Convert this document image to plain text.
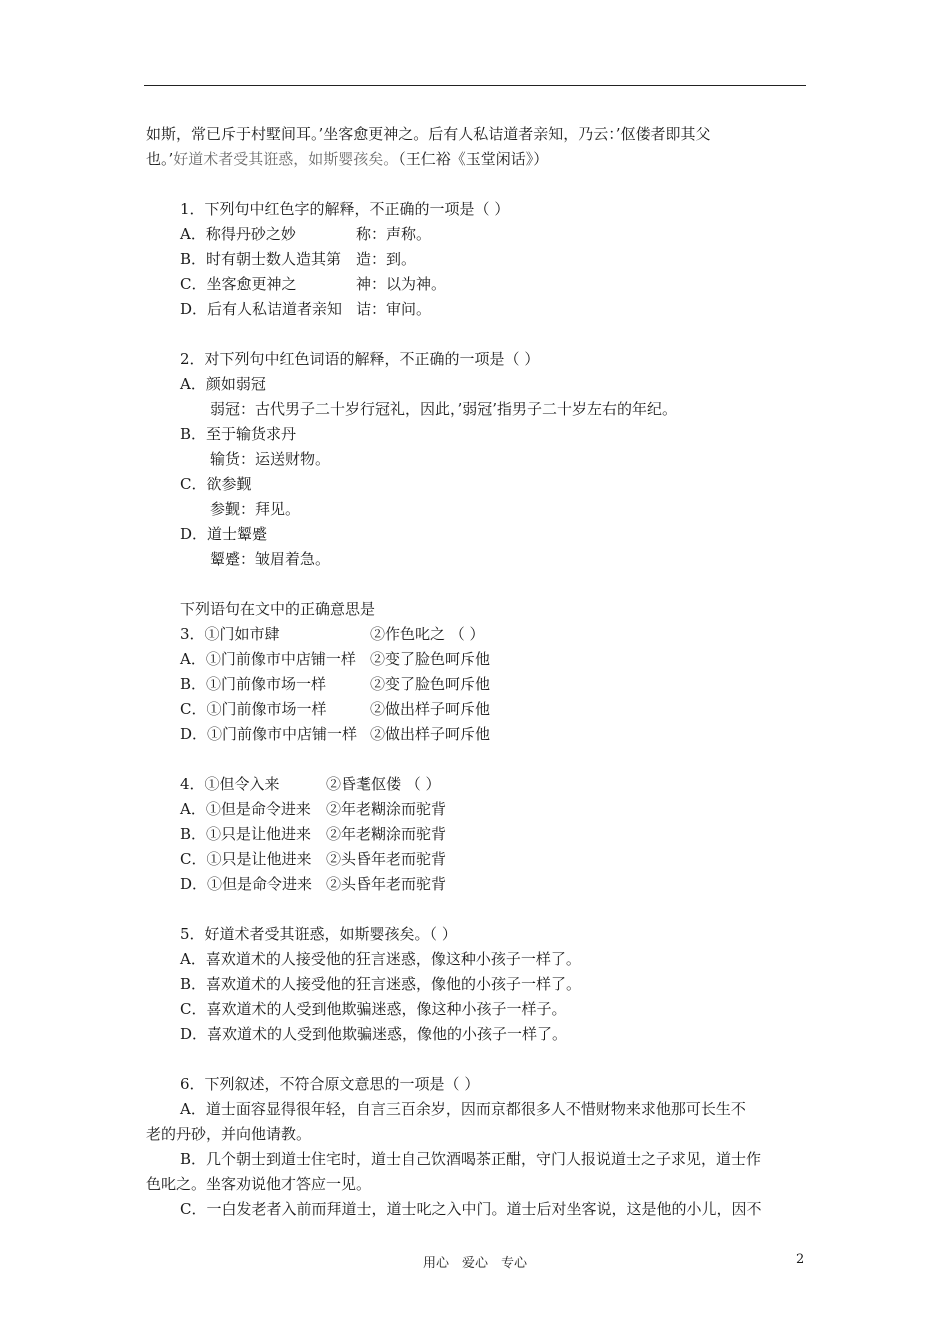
如斯，常已斥于村墅间耳。’坐客愈更神之。后有人私诘道者亲知，乃云：’伛偻者即其父
也。’好道术者受其诳惑，如斯婴孩矣。（王仁裕《玉堂闲话》）
1．下列句中红色字的解释，不正确的一项是（ ）
A．称得丹砂之妙	称：声称。
B．时有朝士数人造其第 造：到。
C．坐客愈更神之	神：以为神。
D．后有人私诘道者亲知 诘：审问。
2．对下列句中红色词语的解释，不正确的一项是（ ）
A．颜如弱冠
弱冠：古代男子二十岁行冠礼，因此，’弱冠’指男子二十岁左右的年纪。
B．至于输货求丹
输货：运送财物。
C．欲参觐
参觐：拜见。
D．道士颦蹙
颦蹙：皱眉着急。
下列语句在文中的正确意思是
3．①门如市肆	②作色叱之 （ ）
A．①门前像市中店铺一样 ②变了脸色呵斥他
B．①门前像市场一样	②变了脸色呵斥他
C．①门前像市场一样	②做出样子呵斥他
D．①门前像市中店铺一样 ②做出样子呵斥他
4．①但令入来	②昏耄伛偻 （ ）
A．①但是命令进来 ②年老糊涂而驼背
B．①只是让他进来 ②年老糊涂而驼背
C．①只是让他进来 ②头昏年老而驼背
D．①但是命令进来 ②头昏年老而驼背
5．好道术者受其诳惑，如斯婴孩矣。（ ）
A．喜欢道术的人接受他的狂言迷惑，像这种小孩子一样了。
B．喜欢道术的人接受他的狂言迷惑，像他的小孩子一样了。
C．喜欢道术的人受到他欺骗迷惑，像这种小孩子一样子。
D．喜欢道术的人受到他欺骗迷惑，像他的小孩子一样了。
6．下列叙述，不符合原文意思的一项是（ ）
A．道士面容显得很年轻，自言三百余岁，因而京都很多人不惜财物来求他那可长生不
老的丹砂，并向他请教。
B．几个朝士到道士住宅时，道士自己饮酒喝茶正酣，守门人报说道士之子求见，道士作
色叱之。坐客劝说他才答应一见。
C．一白发老者入前而拜道士，道士叱之入中门。道士后对坐客说，这是他的小儿，因不
用心　爱心　专心	2
